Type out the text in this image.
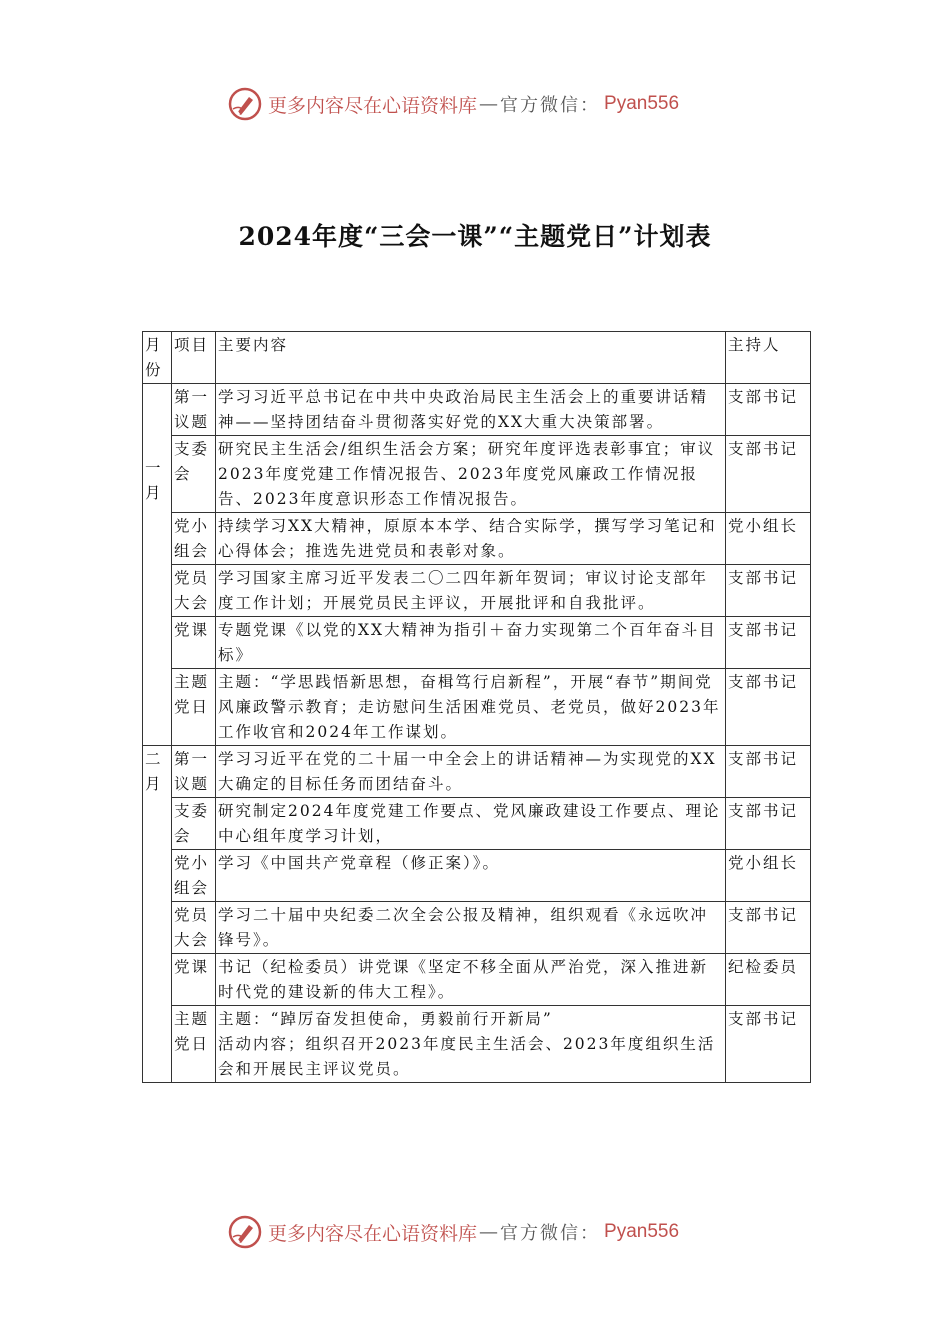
更多内容尽在心语资料库 — 官方微信： Pyan556
2024年度“三会一课”“主题党日”计划表
月份	项目	主要内容	主持人
一月	第一议题	学习习近平总书记在中共中央政治局民主生活会上的重要讲话精神——坚持团结奋斗贯彻落实好党的XX大重大决策部署。	支部书记
	支委会	研究民主生活会/组织生活会方案；研究年度评选表彰事宜；审议2023年度党建工作情况报告、2023年度党风廉政工作情况报告、2023年度意识形态工作情况报告。	支部书记
	党小组会	持续学习XX大精神，原原本本学、结合实际学，撰写学习笔记和心得体会；推选先进党员和表彰对象。	党小组长
	党员大会	学习国家主席习近平发表二〇二四年新年贺词；审议讨论支部年度工作计划；开展党员民主评议，开展批评和自我批评。	支部书记
	党课	专题党课《以党的XX大精神为指引＋奋力实现第二个百年奋斗目标》	支部书记
	主题党日	主题：“学思践悟新思想，奋楫笃行启新程”，开展“春节”期间党风廉政警示教育；走访慰问生活困难党员、老党员，做好2023年工作收官和2024年工作谋划。	支部书记
二月	第一议题	学习习近平在党的二十届一中全会上的讲话精神—为实现党的XX大确定的目标任务而团结奋斗。	支部书记
	支委会	研究制定2024年度党建工作要点、党风廉政建设工作要点、理论中心组年度学习计划，	支部书记
	党小组会	学习《中国共产党章程（修正案）》。	党小组长
	党员大会	学习二十届中央纪委二次全会公报及精神，组织观看《永远吹冲锋号》。	支部书记
	党课	书记（纪检委员）讲党课《坚定不移全面从严治党，深入推进新时代党的建设新的伟大工程》。	纪检委员
	主题党日	主题：“踔厉奋发担使命，勇毅前行开新局”
活动内容；组织召开2023年度民主生活会、2023年度组织生活会和开展民主评议党员。	支部书记
更多内容尽在心语资料库 — 官方微信： Pyan556
